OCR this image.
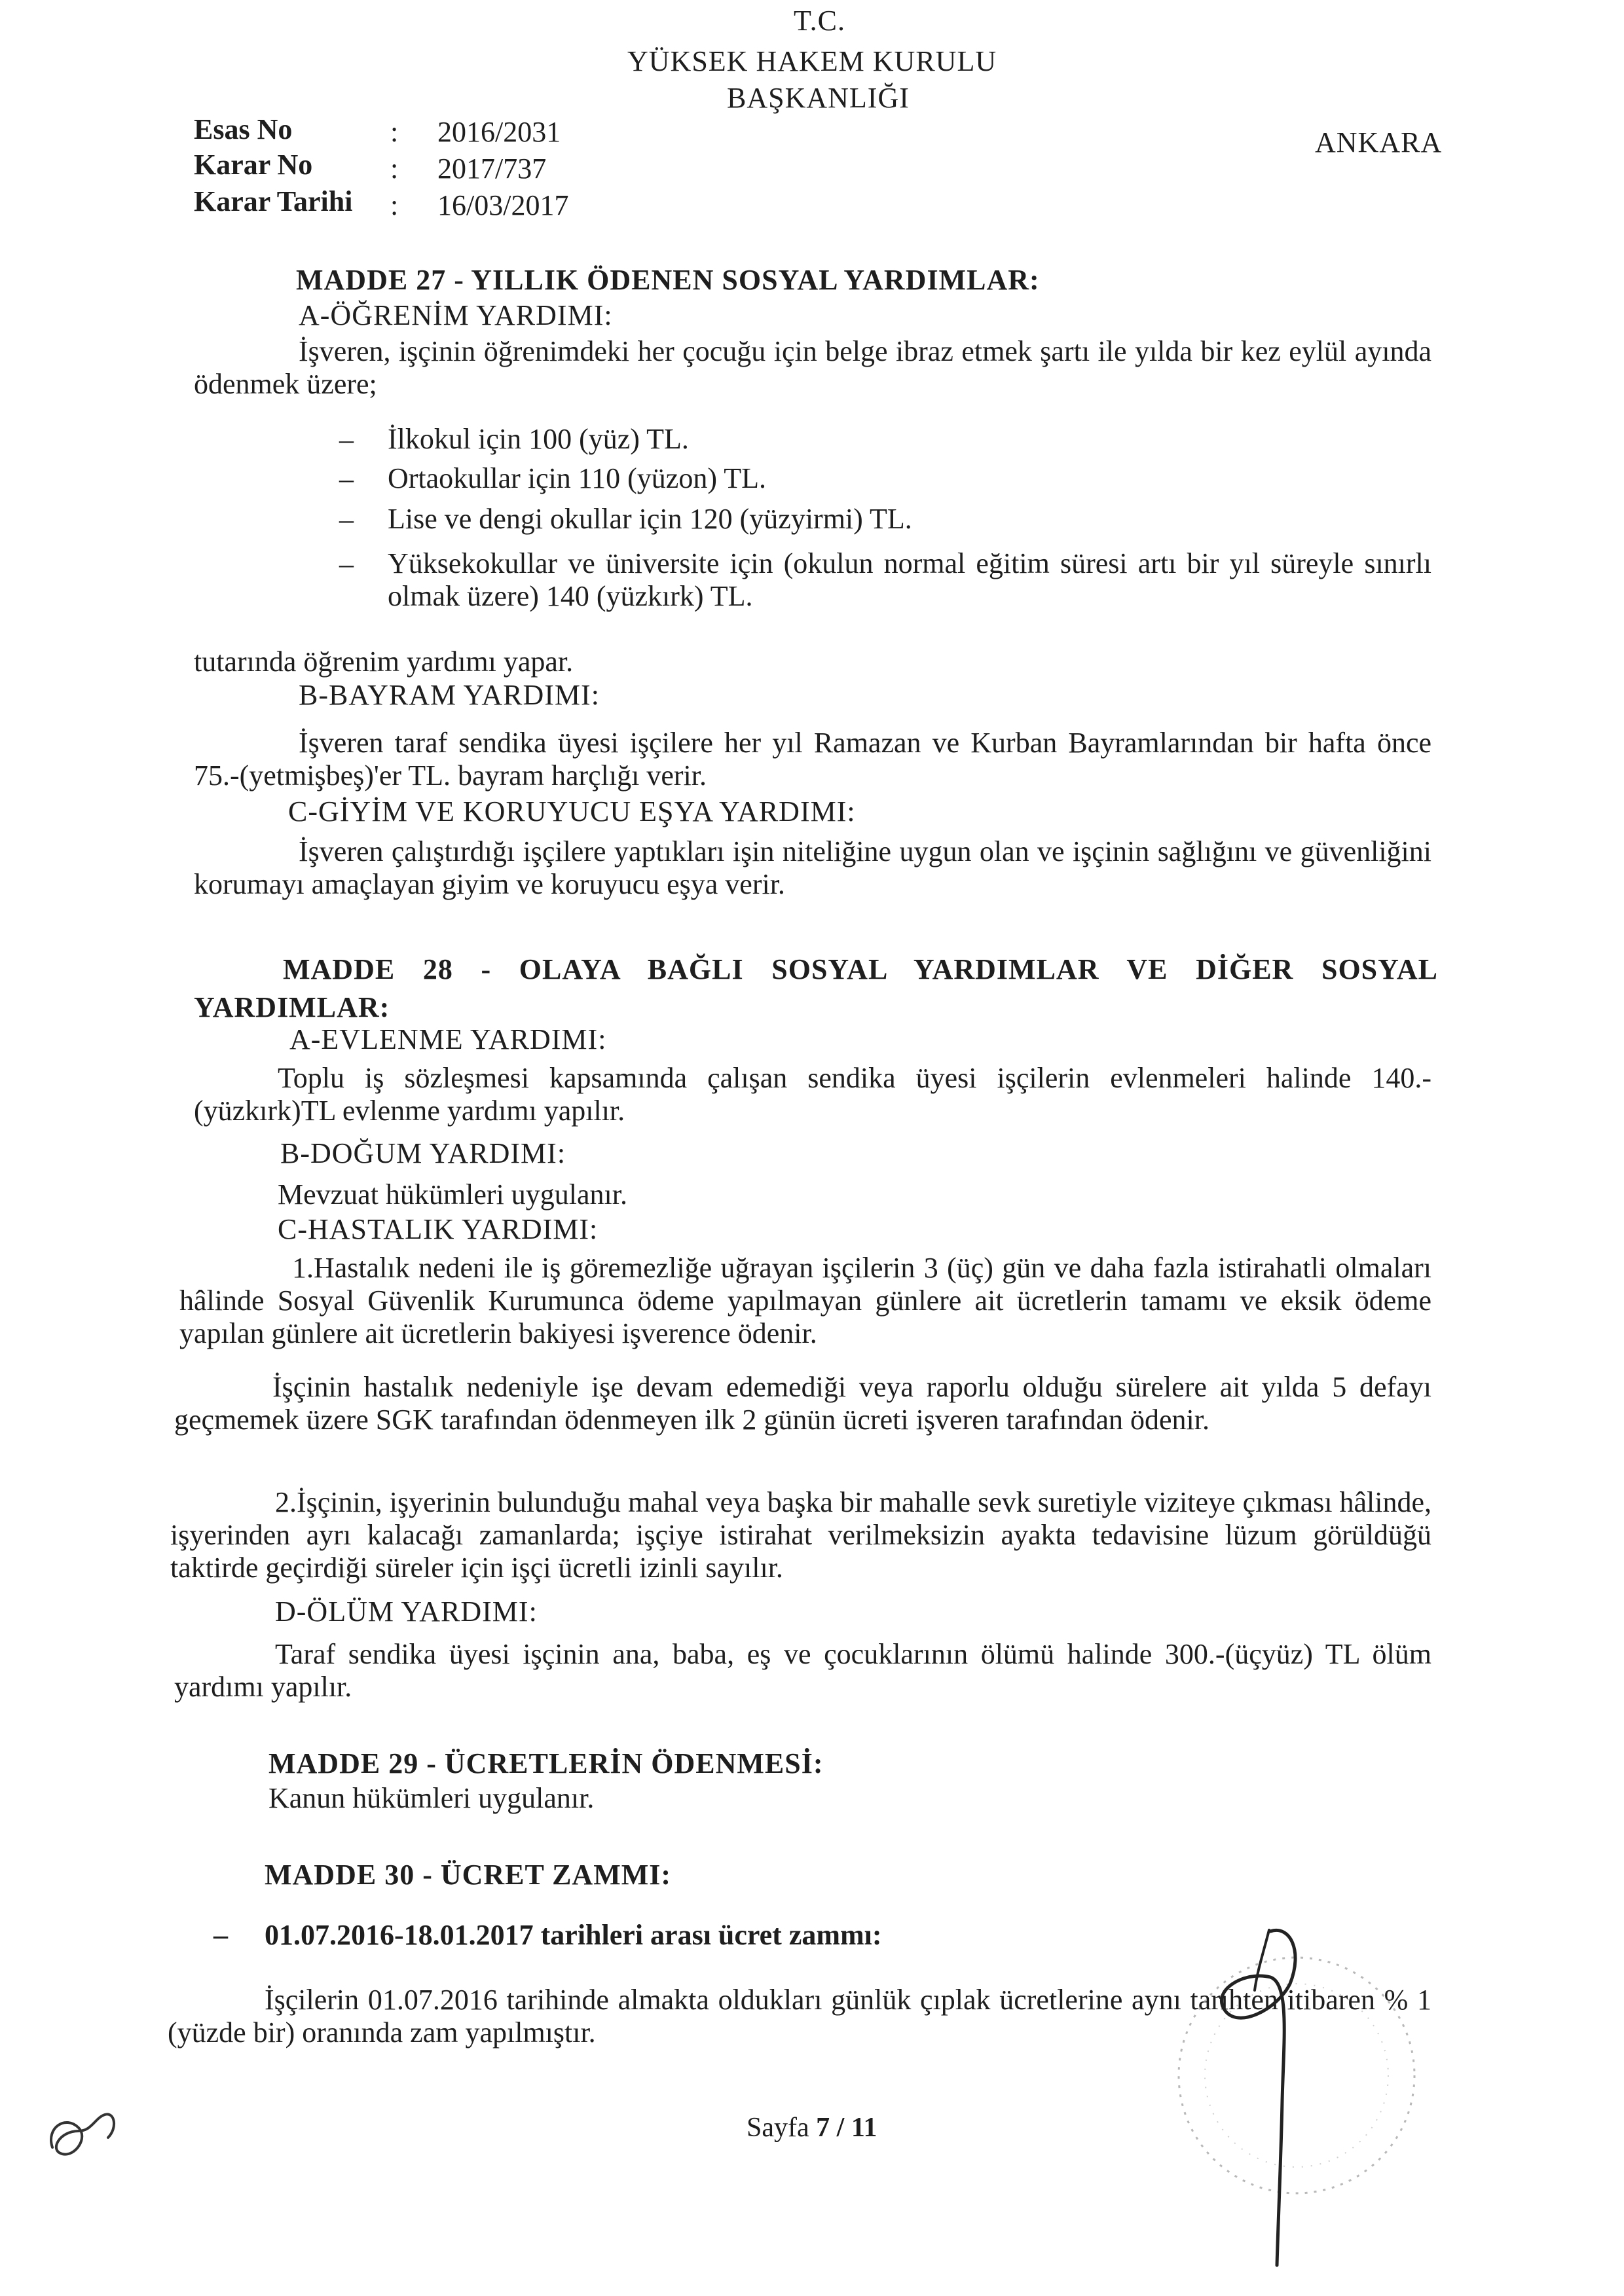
T.C.
YÜKSEK HAKEM KURULU
BAŞKANLIĞI
ANKARA
Esas No	: 2016/2031
Karar No	: 2017/737
Karar Tarihi : 16/03/2017
MADDE 27 - YILLIK ÖDENEN SOSYAL YARDIMLAR:
A-ÖĞRENİM YARDIMI:
İşveren, işçinin öğrenimdeki her çocuğu için belge ibraz etmek şartı ile yılda bir kez eylül ayında ödenmek üzere;
– İlkokul için 100 (yüz) TL.
– Ortaokullar için 110 (yüzon) TL.
– Lise ve dengi okullar için 120 (yüzyirmi) TL.
– Yüksekokullar ve üniversite için (okulun normal eğitim süresi artı bir yıl süreyle sınırlı olmak üzere) 140 (yüzkırk) TL.
tutarında öğrenim yardımı yapar.
B-BAYRAM YARDIMI:
İşveren taraf sendika üyesi işçilere her yıl Ramazan ve Kurban Bayramlarından bir hafta önce 75.-(yetmişbeş)'er TL. bayram harçlığı verir.
C-GİYİM VE KORUYUCU EŞYA YARDIMI:
İşveren çalıştırdığı işçilere yaptıkları işin niteliğine uygun olan ve işçinin sağlığını ve güvenliğini korumayı amaçlayan giyim ve koruyucu eşya verir.
MADDE 28 - OLAYA BAĞLI SOSYAL YARDIMLAR VE DİĞER SOSYAL YARDIMLAR:
A-EVLENME YARDIMI:
Toplu iş sözleşmesi kapsamında çalışan sendika üyesi işçilerin evlenmeleri halinde 140.-(yüzkırk)TL evlenme yardımı yapılır.
B-DOĞUM YARDIMI:
Mevzuat hükümleri uygulanır.
C-HASTALIK YARDIMI:
1.Hastalık nedeni ile iş göremezliğe uğrayan işçilerin 3 (üç) gün ve daha fazla istirahatli olmaları hâlinde Sosyal Güvenlik Kurumunca ödeme yapılmayan günlere ait ücretlerin tamamı ve eksik ödeme yapılan günlere ait ücretlerin bakiyesi işverence ödenir.
İşçinin hastalık nedeniyle işe devam edemediği veya raporlu olduğu sürelere ait yılda 5 defayı geçmemek üzere SGK tarafından ödenmeyen ilk 2 günün ücreti işveren tarafından ödenir.
2.İşçinin, işyerinin bulunduğu mahal veya başka bir mahalle sevk suretiyle viziteye çıkması hâlinde, işyerinden ayrı kalacağı zamanlarda; işçiye istirahat verilmeksizin ayakta tedavisine lüzum görüldüğü taktirde geçirdiği süreler için işçi ücretli izinli sayılır.
D-ÖLÜM YARDIMI:
Taraf sendika üyesi işçinin ana, baba, eş ve çocuklarının ölümü halinde 300.-(üçyüz) TL ölüm yardımı yapılır.
MADDE 29 - ÜCRETLERİN ÖDENMESİ:
Kanun hükümleri uygulanır.
MADDE 30 - ÜCRET ZAMMI:
– 01.07.2016-18.01.2017 tarihleri arası ücret zammı:
İşçilerin 01.07.2016 tarihinde almakta oldukları günlük çıplak ücretlerine aynı tarihten itibaren % 1 (yüzde bir) oranında zam yapılmıştır.
Sayfa 7 / 11
